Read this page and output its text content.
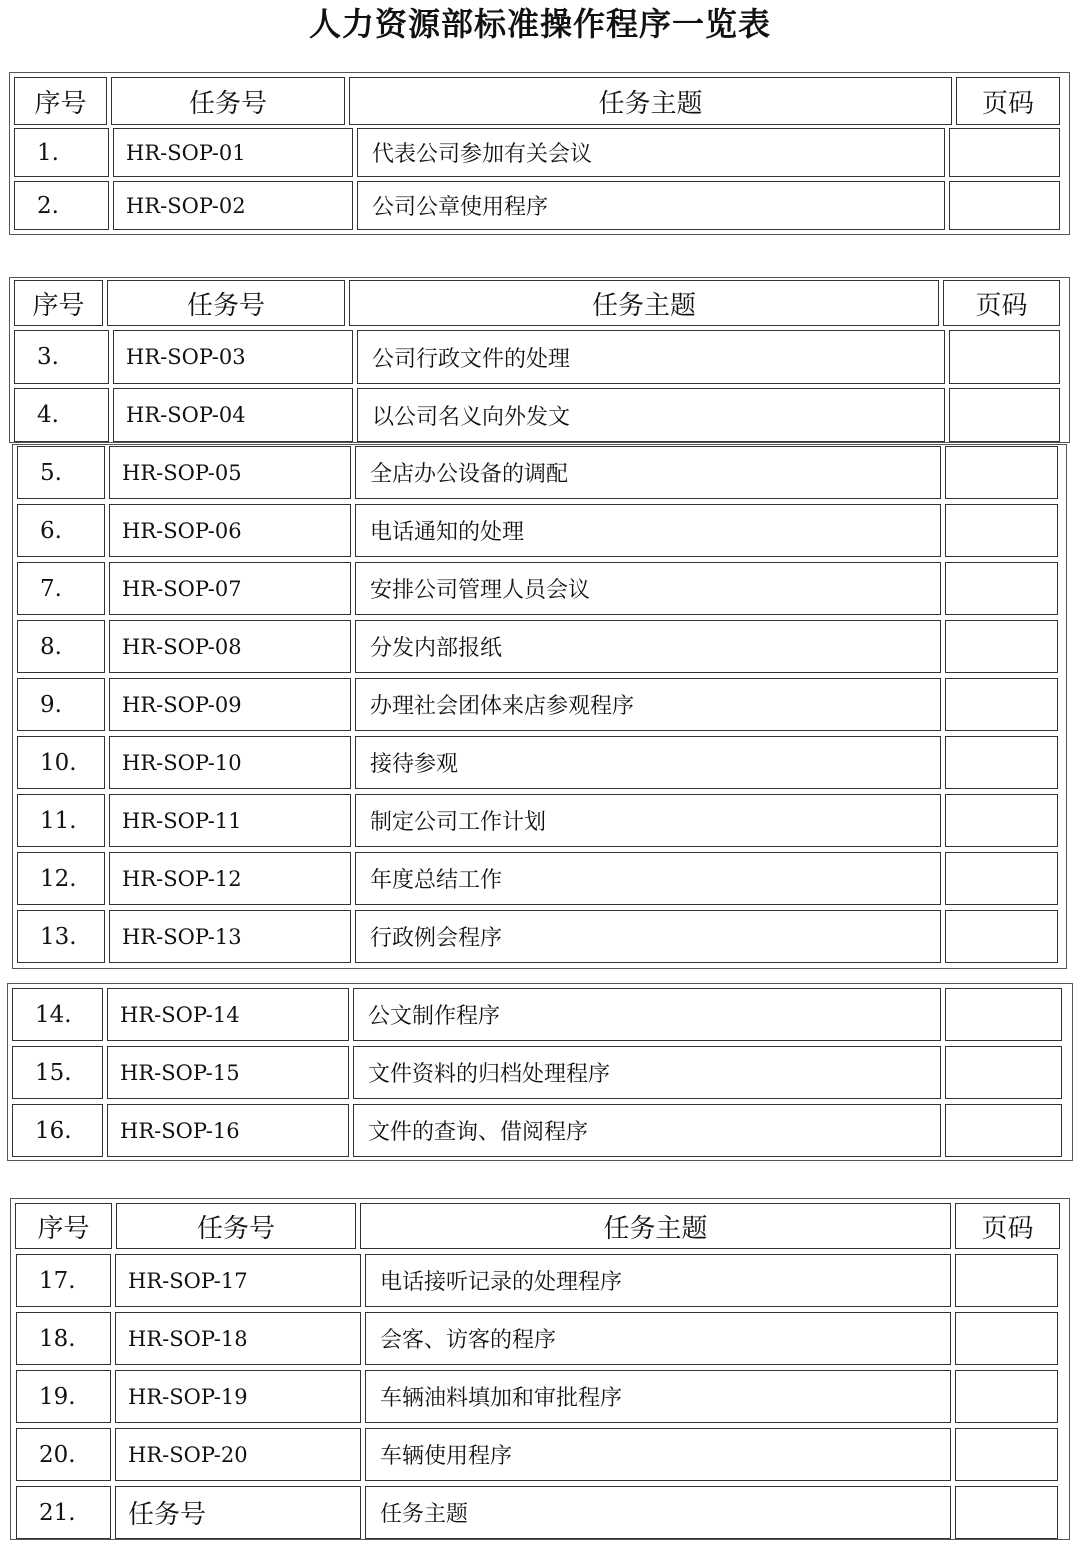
人力资源部标准操作程序一览表
序号	任务号	任务主题	页码
1.	HR-SOP-01	代表公司参加有关会议
2.	HR-SOP-02	公司公章使用程序
序号	任务号	任务主题	页码
3.	HR-SOP-03	公司行政文件的处理
4.	HR-SOP-04	以公司名义向外发文
5.	HR-SOP-05	全店办公设备的调配
6.	HR-SOP-06	电话通知的处理
7.	HR-SOP-07	安排公司管理人员会议
8.	HR-SOP-08	分发内部报纸
9.	HR-SOP-09	办理社会团体来店参观程序
10.	HR-SOP-10	接待参观
11.	HR-SOP-11	制定公司工作计划
12.	HR-SOP-12	年度总结工作
13.	HR-SOP-13	行政例会程序
14.	HR-SOP-14	公文制作程序
15.	HR-SOP-15	文件资料的归档处理程序
16.	HR-SOP-16	文件的查询、借阅程序
序号	任务号	任务主题	页码
17.	HR-SOP-17	电话接听记录的处理程序
18.	HR-SOP-18	会客、访客的程序
19.	HR-SOP-19	车辆油料填加和审批程序
20.	HR-SOP-20	车辆使用程序
21.	任务号	任务主题
